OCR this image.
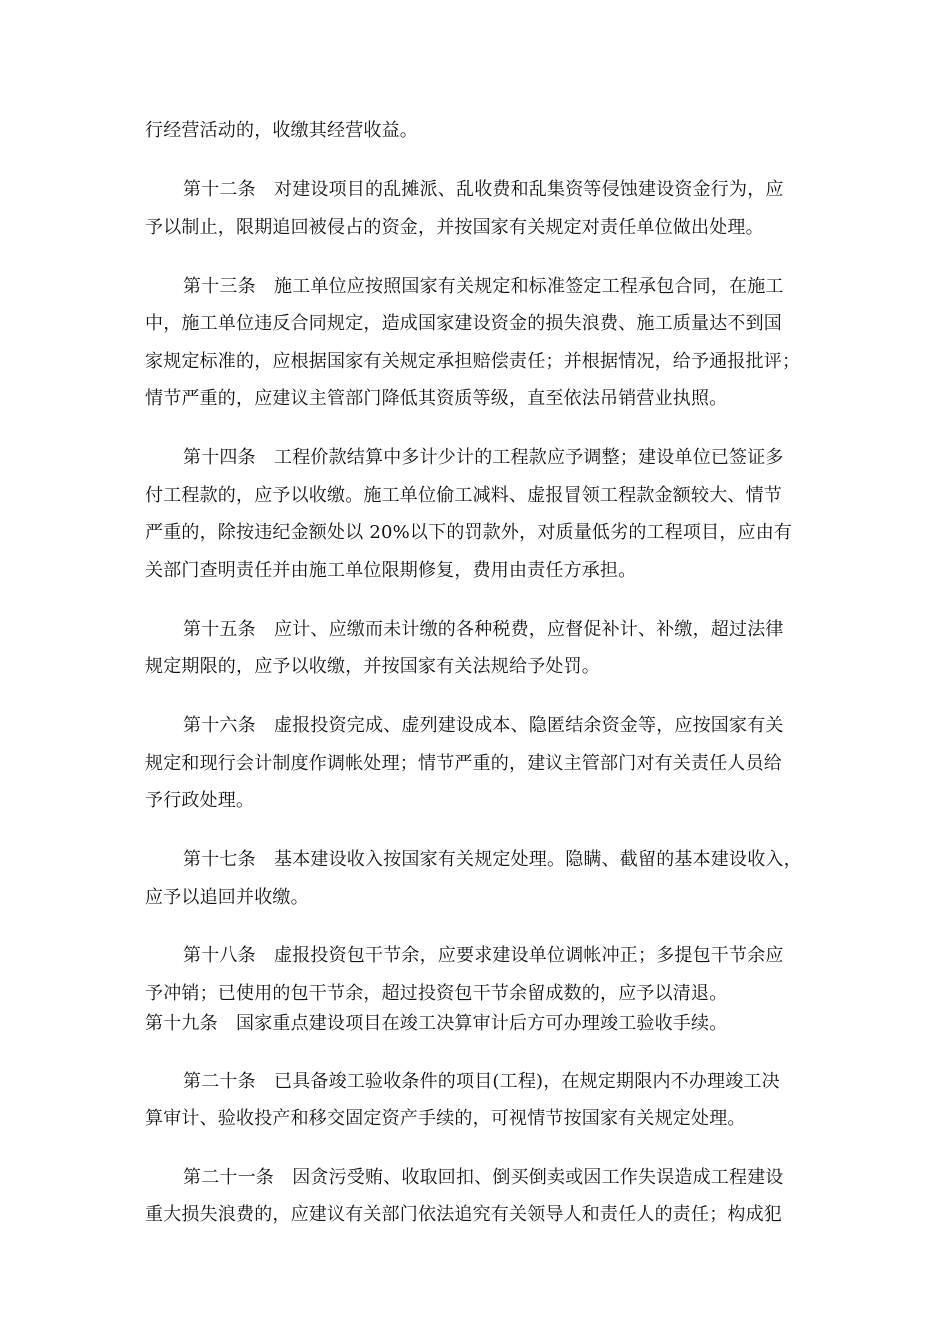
行经营活动的，收缴其经营收益。
第十二条　对建设项目的乱摊派、乱收费和乱集资等侵蚀建设资金行为，应
予以制止，限期追回被侵占的资金，并按国家有关规定对责任单位做出处理。
第十三条　施工单位应按照国家有关规定和标准签定工程承包合同，在施工
中，施工单位违反合同规定，造成国家建设资金的损失浪费、施工质量达不到国
家规定标准的，应根据国家有关规定承担赔偿责任；并根据情况，给予通报批评；
情节严重的，应建议主管部门降低其资质等级，直至依法吊销营业执照。
第十四条　工程价款结算中多计少计的工程款应予调整；建设单位已签证多
付工程款的，应予以收缴。施工单位偷工减料、虚报冒领工程款金额较大、情节
严重的，除按违纪金额处以 20%以下的罚款外，对质量低劣的工程项目，应由有
关部门查明责任并由施工单位限期修复，费用由责任方承担。
第十五条　应计、应缴而未计缴的各种税费，应督促补计、补缴，超过法律
规定期限的，应予以收缴，并按国家有关法规给予处罚。
第十六条　虚报投资完成、虚列建设成本、隐匿结余资金等，应按国家有关
规定和现行会计制度作调帐处理；情节严重的，建议主管部门对有关责任人员给
予行政处理。
第十七条　基本建设收入按国家有关规定处理。隐瞒、截留的基本建设收入，
应予以追回并收缴。
第十八条　虚报投资包干节余，应要求建设单位调帐冲正；多提包干节余应
予冲销；已使用的包干节余，超过投资包干节余留成数的，应予以清退。
第十九条　国家重点建设项目在竣工决算审计后方可办理竣工验收手续。
第二十条　已具备竣工验收条件的项目(工程)，在规定期限内不办理竣工决
算审计、验收投产和移交固定资产手续的，可视情节按国家有关规定处理。
第二十一条　因贪污受贿、收取回扣、倒买倒卖或因工作失误造成工程建设
重大损失浪费的，应建议有关部门依法追究有关领导人和责任人的责任；构成犯
